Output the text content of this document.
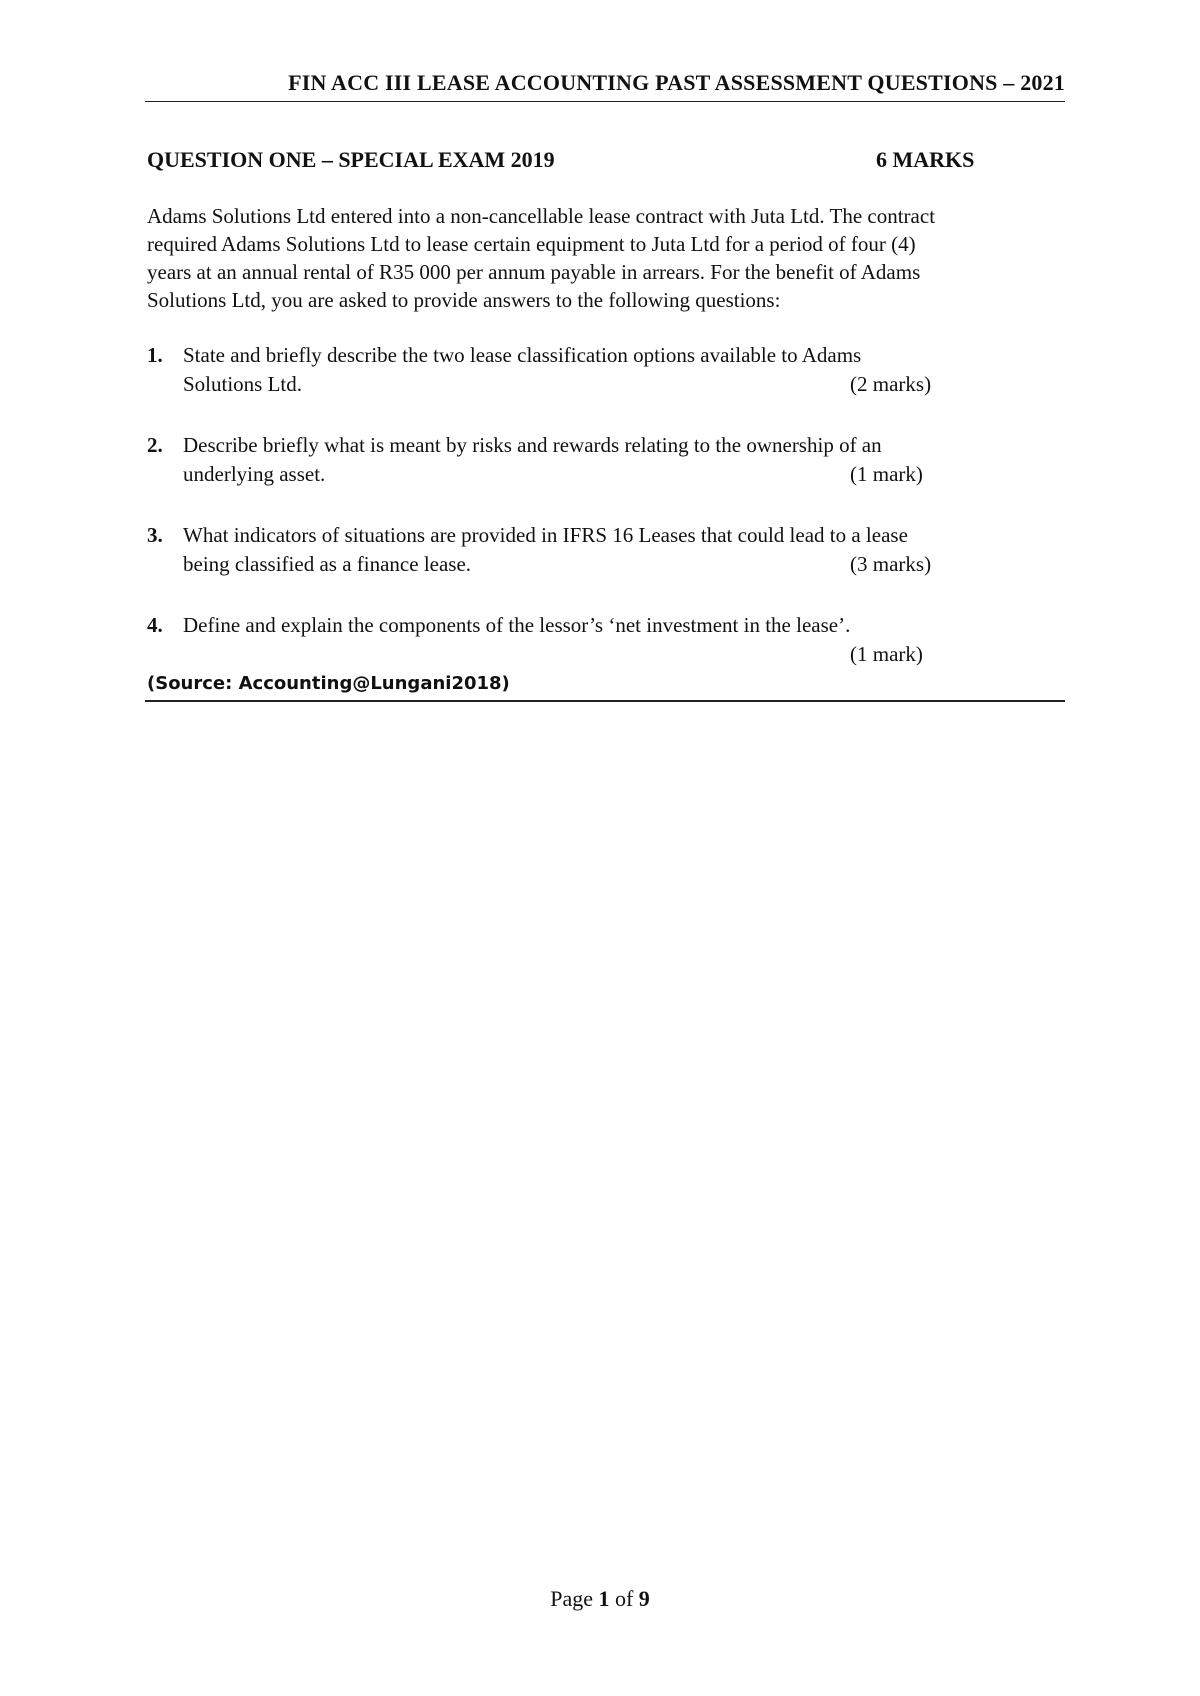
FIN ACC III LEASE ACCOUNTING PAST ASSESSMENT QUESTIONS – 2021
QUESTION ONE – SPECIAL EXAM 2019	6 MARKS
Adams Solutions Ltd entered into a non-cancellable lease contract with Juta Ltd. The contract
required Adams Solutions Ltd to lease certain equipment to Juta Ltd for a period of four (4)
years at an annual rental of R35 000 per annum payable in arrears. For the benefit of Adams
Solutions Ltd, you are asked to provide answers to the following questions:
1. State and briefly describe the two lease classification options available to Adams
Solutions Ltd.	(2 marks)
2. Describe briefly what is meant by risks and rewards relating to the ownership of an
underlying asset.	(1 mark)
3. What indicators of situations are provided in IFRS 16 Leases that could lead to a lease
being classified as a finance lease.	(3 marks)
4. Define and explain the components of the lessor’s ‘net investment in the lease’.

(1 mark)
(Source: Accounting@Lungani2018)
Page 1 of 9
